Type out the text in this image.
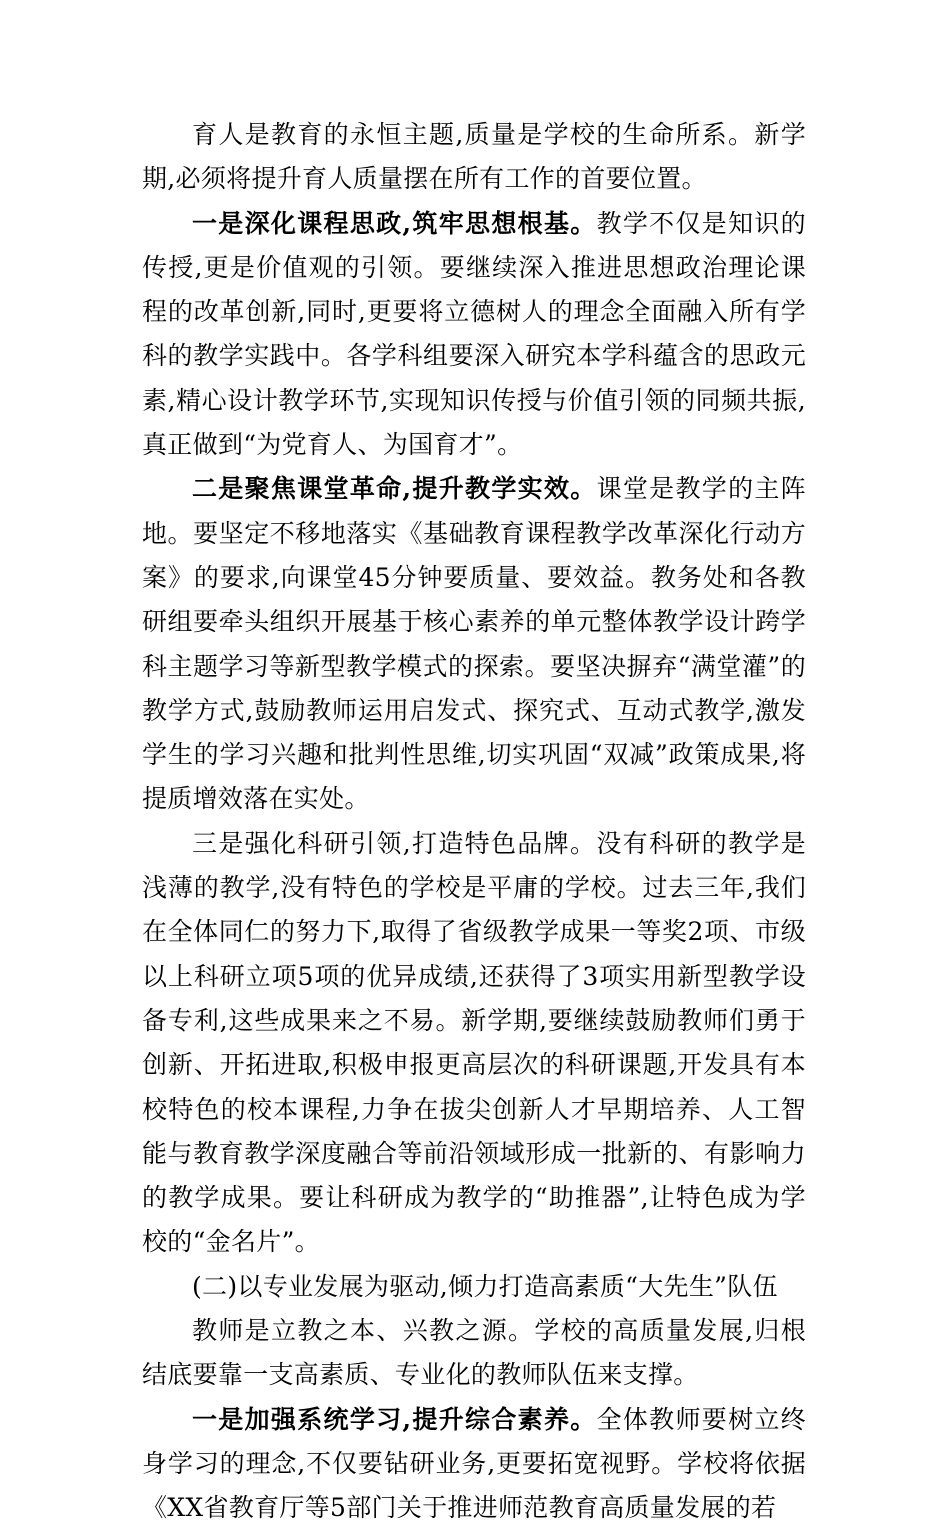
育人是教育的永恒主题,质量是学校的生命所系。新学期,必须将提升育人质量摆在所有工作的首要位置。

一是深化课程思政,筑牢思想根基。教学不仅是知识的传授,更是价值观的引领。要继续深入推进思想政治理论课程的改革创新,同时,更要将立德树人的理念全面融入所有学科的教学实践中。各学科组要深入研究本学科蕴含的思政元素,精心设计教学环节,实现知识传授与价值引领的同频共振,真正做到“为党育人、为国育才”。

二是聚焦课堂革命,提升教学实效。课堂是教学的主阵地。要坚定不移地落实《基础教育课程教学改革深化行动方案》的要求,向课堂45分钟要质量、要效益。教务处和各教研组要牵头组织开展基于核心素养的单元整体教学设计跨学科主题学习等新型教学模式的探索。要坚决摒弃“满堂灌”的教学方式,鼓励教师运用启发式、探究式、互动式教学,激发学生的学习兴趣和批判性思维,切实巩固“双减”政策成果,将提质增效落在实处。

三是强化科研引领,打造特色品牌。没有科研的教学是浅薄的教学,没有特色的学校是平庸的学校。过去三年,我们在全体同仁的努力下,取得了省级教学成果一等奖2项、市级以上科研立项5项的优异成绩,还获得了3项实用新型教学设备专利,这些成果来之不易。新学期,要继续鼓励教师们勇于创新、开拓进取,积极申报更高层次的科研课题,开发具有本校特色的校本课程,力争在拔尖创新人才早期培养、人工智能与教育教学深度融合等前沿领域形成一批新的、有影响力的教学成果。要让科研成为教学的“助推器”,让特色成为学校的“金名片”。

(二)以专业发展为驱动,倾力打造高素质“大先生”队伍

教师是立教之本、兴教之源。学校的高质量发展,归根结底要靠一支高素质、专业化的教师队伍来支撑。

一是加强系统学习,提升综合素养。全体教师要树立终身学习的理念,不仅要钻研业务,更要拓宽视野。学校将依据《XX省教育厅等5部门关于推进师范教育高质量发展的若
